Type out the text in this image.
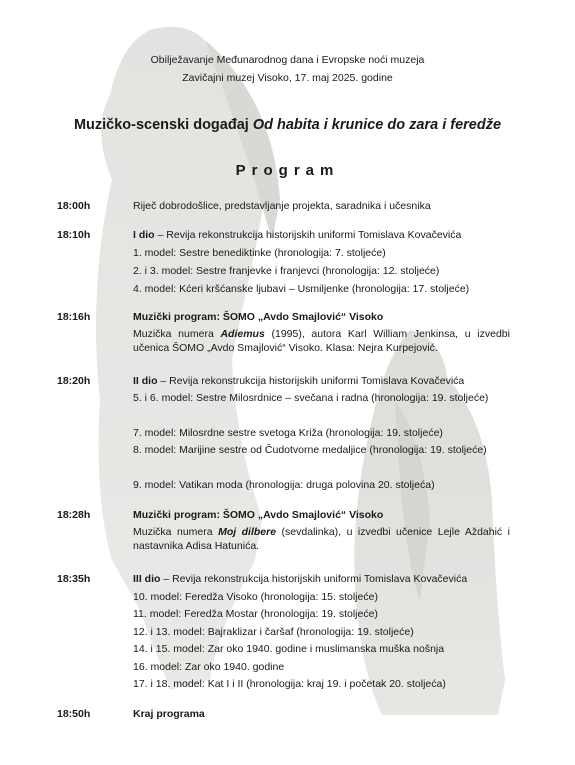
Obilježavanje Međunarodnog dana i Evropske noći muzeja
Zavičajni muzej Visoko, 17. maj 2025. godine
Muzičko-scenski događaj Od habita i krunice do zara i feredže
Program
18:00h	Riječ dobrodošlice, predstavljanje projekta, saradnika i učesnika
18:10h	I dio – Revija rekonstrukcija historijskih uniformi Tomislava Kovačevića
1. model: Sestre benediktinke (hronologija: 7. stoljeće)
2. i 3. model: Sestre franjevke i franjevci (hronologija: 12. stoljeće)
4. model: Kćeri kršćanske ljubavi – Usmiljenke (hronologija: 17. stoljeće)
18:16h	Muzički program: ŠOMO „Avdo Smajlović“ Visoko
Muzička numera Adiemus (1995), autora Karl William Jenkinsa, u izvedbi učenica ŠOMO „Avdo Smajlović“ Visoko. Klasa: Nejra Kurpejović.
18:20h	II dio – Revija rekonstrukcija historijskih uniformi Tomislava Kovačevića
5. i 6. model: Sestre Milosrdnice – svečana i radna (hronologija: 19. stoljeće)
7. model: Milosrdne sestre svetoga Križa (hronologija: 19. stoljeće)
8. model: Marijine sestre od Čudotvorne medaljice (hronologija: 19. stoljeće)
9. model: Vatikan moda (hronologija: druga polovina 20. stoljeća)
18:28h	Muzički program: ŠOMO „Avdo Smajlović“ Visoko
Muzička numera Moj dilbere (sevdalinka), u izvedbi učenice Lejle Aždahić i nastavnika Adisa Hatunića.
18:35h	III dio – Revija rekonstrukcija historijskih uniformi Tomislava Kovačevića
10. model: Feredža Visoko (hronologija: 15. stoljeće)
11. model: Feredža Mostar (hronologija: 19. stoljeće)
12. i 13. model: Bajraklizar i čaršaf (hronologija: 19. stoljeće)
14. i 15. model: Zar oko 1940. godine i muslimanska muška nošnja
16. model: Zar oko 1940. godine
17. i 18. model: Kat I i II (hronologija: kraj 19. i početak 20. stoljeća)
18:50h	Kraj programa
